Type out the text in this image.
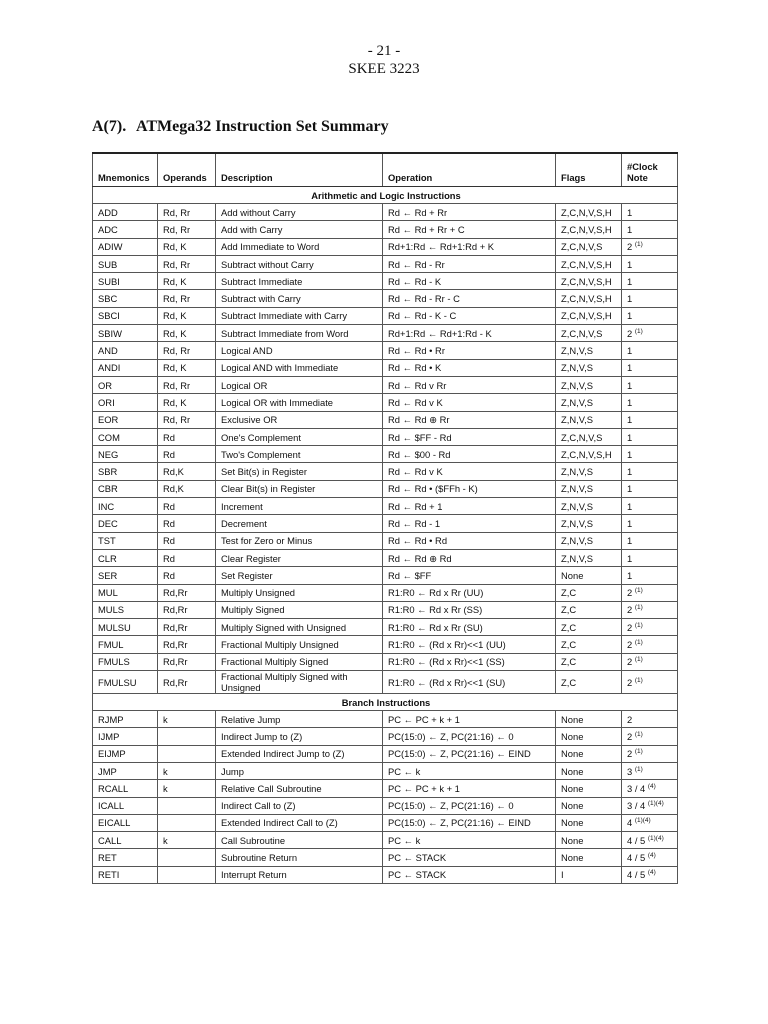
- 21 -
SKEE 3223
A(7). ATMega32 Instruction Set Summary
Mnemonics	Operands	Description	Operation	Flags	#Clock Note
Arithmetic and Logic Instructions					
ADD	Rd, Rr	Add without Carry	Rd ← Rd + Rr	Z,C,N,V,S,H	1
ADC	Rd, Rr	Add with Carry	Rd ← Rd + Rr + C	Z,C,N,V,S,H	1
ADIW	Rd, K	Add Immediate to Word	Rd+1:Rd ← Rd+1:Rd + K	Z,C,N,V,S	2 $^{(1)}$
SUB	Rd, Rr	Subtract without Carry	Rd ← Rd - Rr	Z,C,N,V,S,H	1
SUBI	Rd, K	Subtract Immediate	Rd ← Rd - K	Z,C,N,V,S,H	1
SBC	Rd, Rr	Subtract with Carry	Rd ← Rd - Rr - C	Z,C,N,V,S,H	1
SBCI	Rd, K	Subtract Immediate with Carry	Rd ← Rd - K - C	Z,C,N,V,S,H	1
SBIW	Rd, K	Subtract Immediate from Word	Rd+1:Rd ← Rd+1:Rd - K	Z,C,N,V,S	2 $^{(1)}$
AND	Rd, Rr	Logical AND	Rd ← Rd • Rr	Z,N,V,S	1
ANDI	Rd, K	Logical AND with Immediate	Rd ← Rd • K	Z,N,V,S	1
OR	Rd, Rr	Logical OR	Rd ← Rd v Rr	Z,N,V,S	1
ORI	Rd, K	Logical OR with Immediate	Rd ← Rd v K	Z,N,V,S	1
EOR	Rd, Rr	Exclusive OR	Rd ← Rd ⊕ Rr	Z,N,V,S	1
COM	Rd	One's Complement	Rd ← $FF - Rd	Z,C,N,V,S	1
NEG	Rd	Two's Complement	Rd ← $00 - Rd	Z,C,N,V,S,H	1
SBR	Rd,K	Set Bit(s) in Register	Rd ← Rd v K	Z,N,V,S	1
CBR	Rd,K	Clear Bit(s) in Register	Rd ← Rd • ($FFh - K)	Z,N,V,S	1
INC	Rd	Increment	Rd ← Rd + 1	Z,N,V,S	1
DEC	Rd	Decrement	Rd ← Rd - 1	Z,N,V,S	1
TST	Rd	Test for Zero or Minus	Rd ← Rd • Rd	Z,N,V,S	1
CLR	Rd	Clear Register	Rd ← Rd ⊕ Rd	Z,N,V,S	1
SER	Rd	Set Register	Rd ← $FF	None	1
MUL	Rd,Rr	Multiply Unsigned	R1:R0 ← Rd x Rr (UU)	Z,C	2 $^{(1)}$
MULS	Rd,Rr	Multiply Signed	R1:R0 ← Rd x Rr (SS)	Z,C	2 $^{(1)}$
MULSU	Rd,Rr	Multiply Signed with Unsigned	R1:R0 ← Rd x Rr (SU)	Z,C	2 $^{(1)}$
FMUL	Rd,Rr	Fractional Multiply Unsigned	R1:R0 ← (Rd x Rr)<<1 (UU)	Z,C	2 $^{(1)}$
FMULS	Rd,Rr	Fractional Multiply Signed	R1:R0 ← (Rd x Rr)<<1 (SS)	Z,C	2 $^{(1)}$
FMULSU	Rd,Rr	Fractional Multiply Signed with Unsigned	R1:R0 ← (Rd x Rr)<<1 (SU)	Z,C	2 $^{(1)}$
Branch Instructions					
RJMP	k	Relative Jump	PC ← PC + k + 1	None	2
IJMP		Indirect Jump to (Z)	PC(15:0) ← Z, PC(21:16) ← 0	None	2 $^{(1)}$
EIJMP		Extended Indirect Jump to (Z)	PC(15:0) ← Z, PC(21:16) ← EIND	None	2 $^{(1)}$
JMP	k	Jump	PC ← k	None	3 $^{(1)}$
RCALL	k	Relative Call Subroutine	PC ← PC + k + 1	None	3 / 4 $^{(4)}$
ICALL		Indirect Call to (Z)	PC(15:0) ← Z, PC(21:16) ← 0	None	3 / 4 $^{(1)(4)}$
EICALL		Extended Indirect Call to (Z)	PC(15:0) ← Z, PC(21:16) ← EIND	None	4 $^{(1)(4)}$
CALL	k	Call Subroutine	PC ← k	None	4 / 5 $^{(1)(4)}$
RET		Subroutine Return	PC ← STACK	None	4 / 5 $^{(4)}$
RETI		Interrupt Return	PC ← STACK	I	4 / 5 $^{(4)}$
